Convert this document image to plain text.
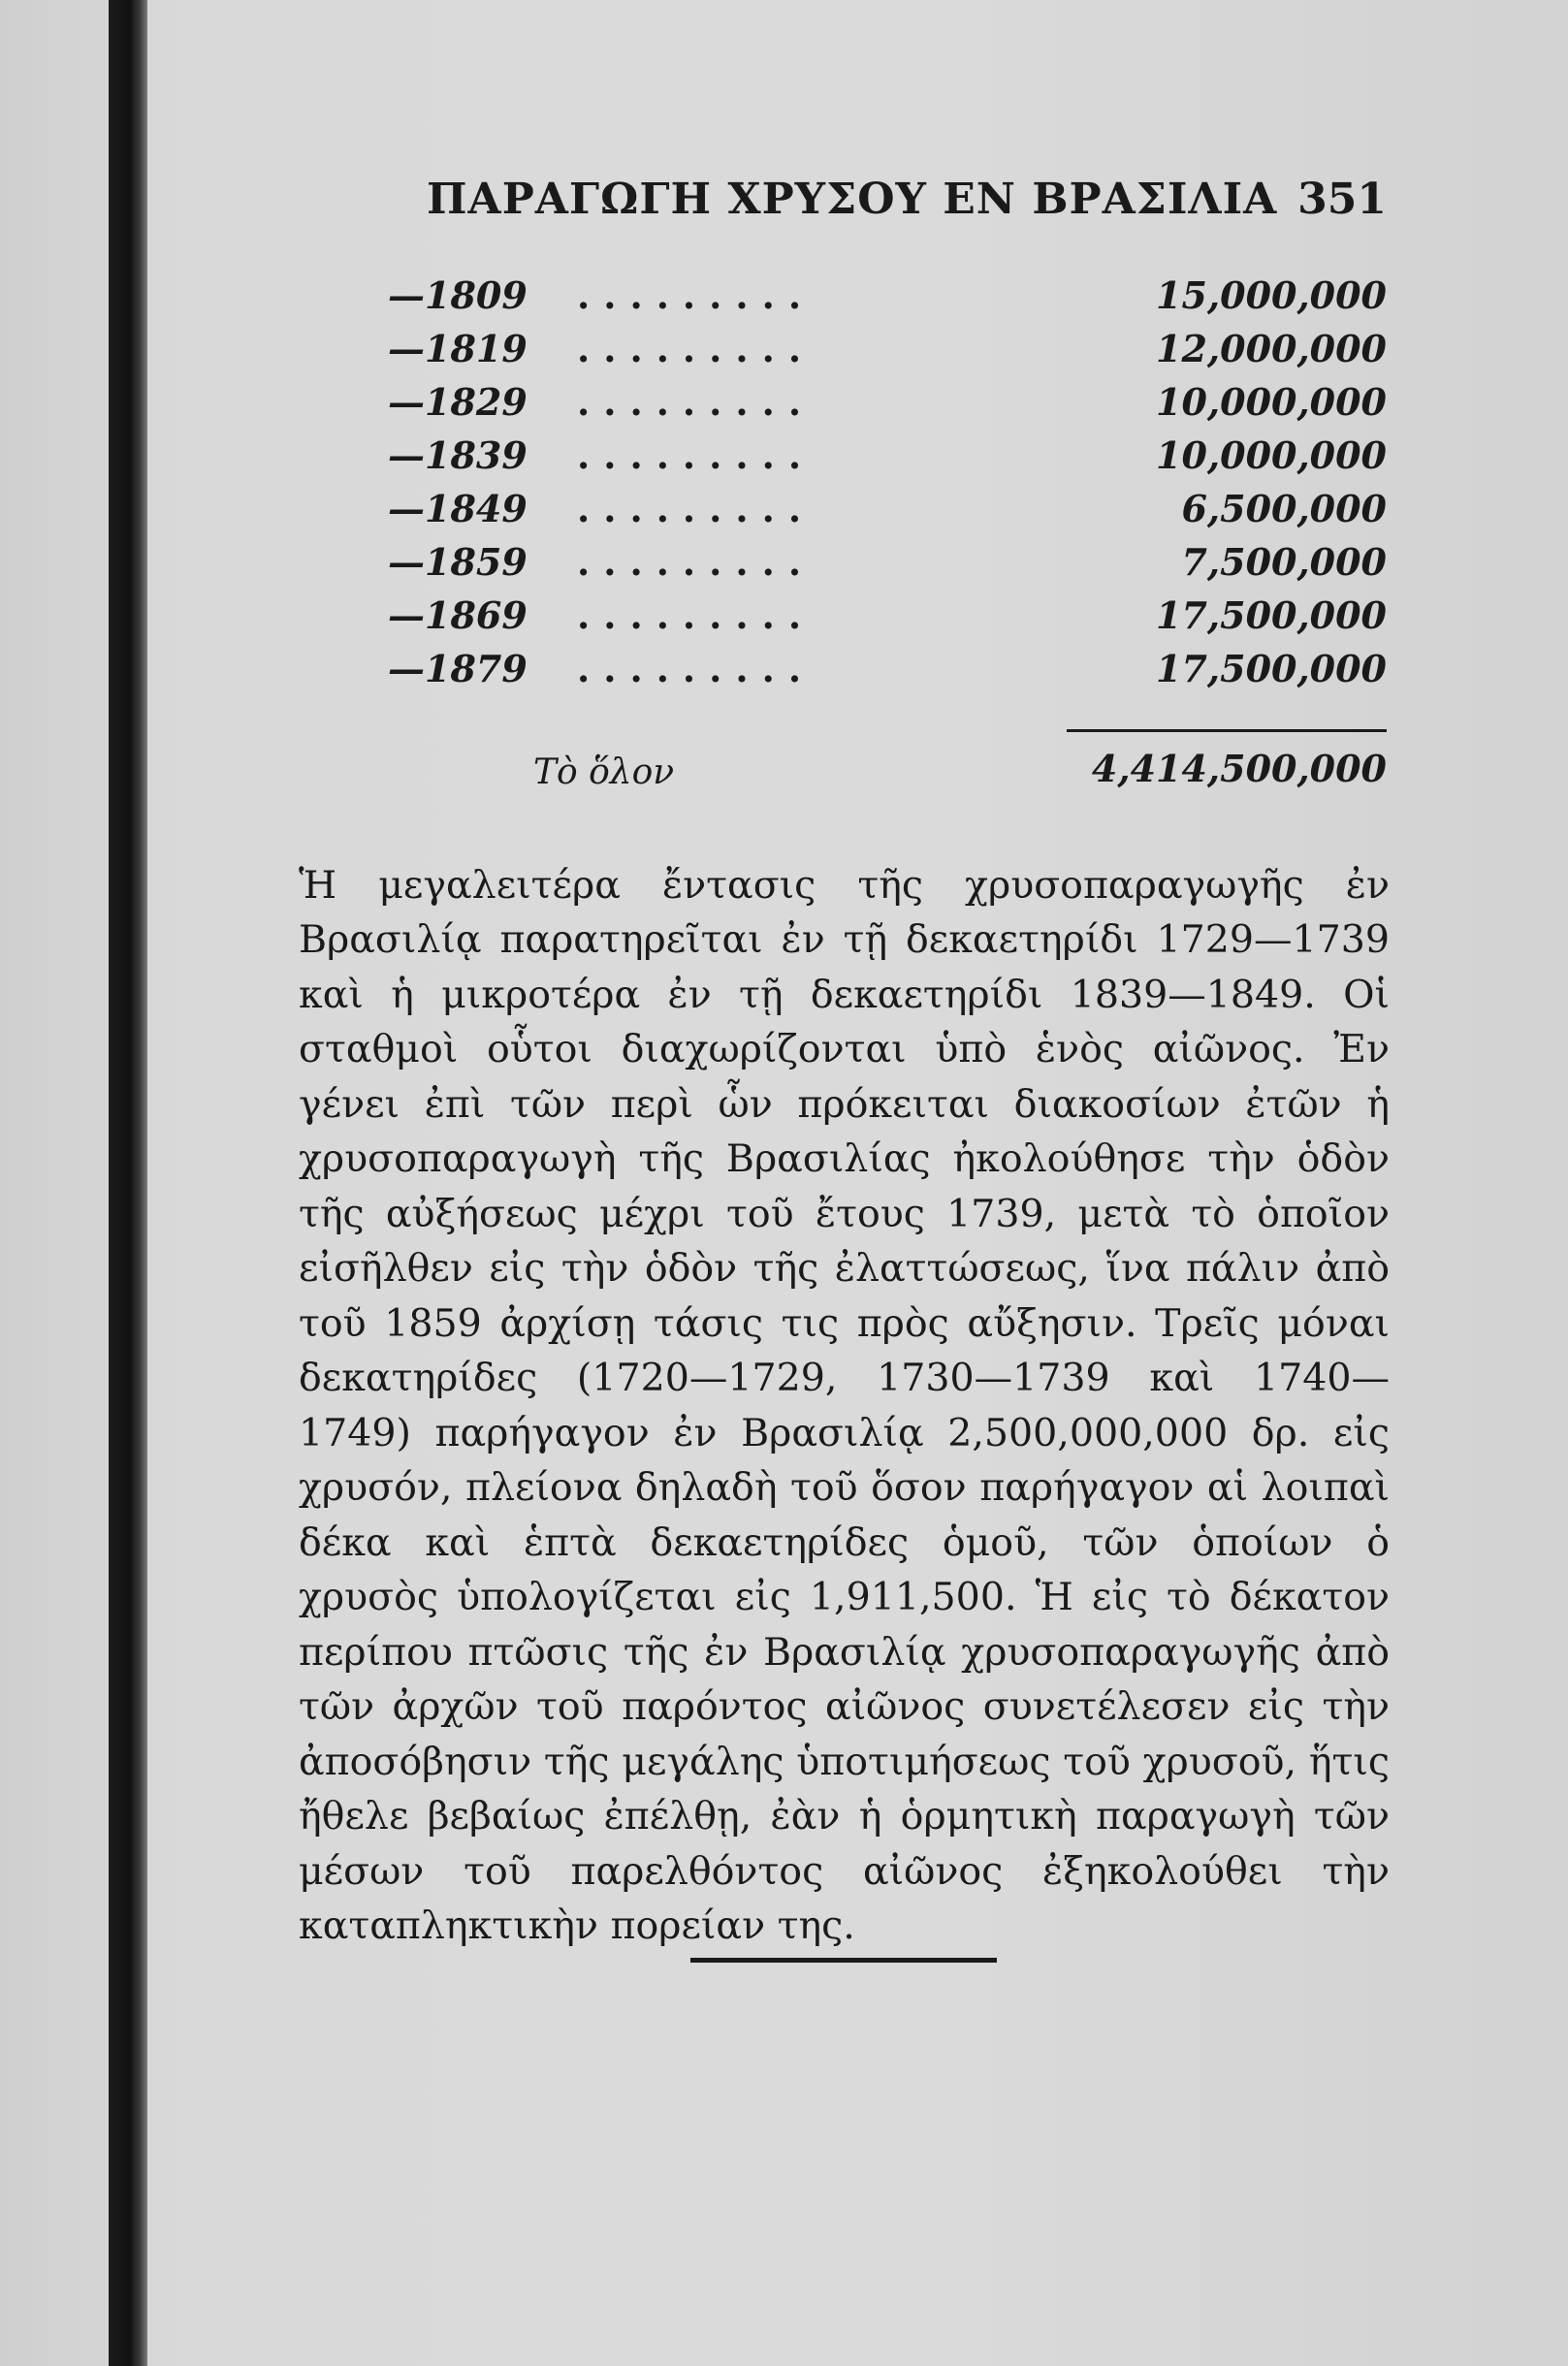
ΠΑΡΑΓΩΓΗ ΧΡΥΣΟΥ ΕΝ ΒΡΑΣΙΛΙΑ 351
—1809 .........	15,000,000
—1819 .........	12,000,000
—1829 .........	10,000,000
—1839 .........	10,000,000
—1849 .........	6,500,000
—1859 .........	7,500,000
—1869 .........	17,500,000
—1879 .........	17,500,000
Τὸ ὅλον	4,414,500,000

Ἡ μεγαλειτέρα ἔντασις τῆς χρυσοπαραγωγῆς ἐν Βρασιλίᾳ παρατηρεῖται ἐν τῇ δεκαετηρίδι 1729—1739 καὶ ἡ μικροτέρα ἐν τῇ δεκαετηρίδι 1839—1849. Οἱ σταθμοὶ οὗτοι διαχωρίζονται ὑπὸ ἑνὸς αἰῶνος. Ἐν γένει ἐπὶ τῶν περὶ ὧν πρόκειται διακοσίων ἐτῶν ἡ χρυσοπαραγωγὴ τῆς Βρασιλίας ἠκολούθησε τὴν ὁδὸν τῆς αὐξήσεως μέχρι τοῦ ἔτους 1739, μετὰ τὸ ὁποῖον εἰσῆλθεν εἰς τὴν ὁδὸν τῆς ἐλαττώσεως, ἵνα πάλιν ἀπὸ τοῦ 1859 ἀρχίσῃ τάσις τις πρὸς αὔξησιν. Τρεῖς μόναι δεκατηρίδες (1720—1729, 1730—1739 καὶ 1740—1749) παρήγαγον ἐν Βρασιλίᾳ 2,500,000,000 δρ. εἰς χρυσόν, πλείονα δηλαδὴ τοῦ ὅσον παρήγαγον αἱ λοιπαὶ δέκα καὶ ἑπτὰ δεκαετηρίδες ὁμοῦ, τῶν ὁποίων ὁ χρυσὸς ὑπολογίζεται εἰς 1,911,500. Ἡ εἰς τὸ δέκατον περίπου πτῶσις τῆς ἐν Βρασιλίᾳ χρυσοπαραγωγῆς ἀπὸ τῶν ἀρχῶν τοῦ παρόντος αἰῶνος συνετέλεσεν εἰς τὴν ἀποσόβησιν τῆς μεγάλης ὑποτιμήσεως τοῦ χρυσοῦ, ἥτις ἤθελε βεβαίως ἐπέλθῃ, ἐὰν ἡ ὁρμητικὴ παραγωγὴ τῶν μέσων τοῦ παρελθόντος αἰῶνος ἐξηκολούθει τὴν καταπληκτικὴν πορείαν της.
